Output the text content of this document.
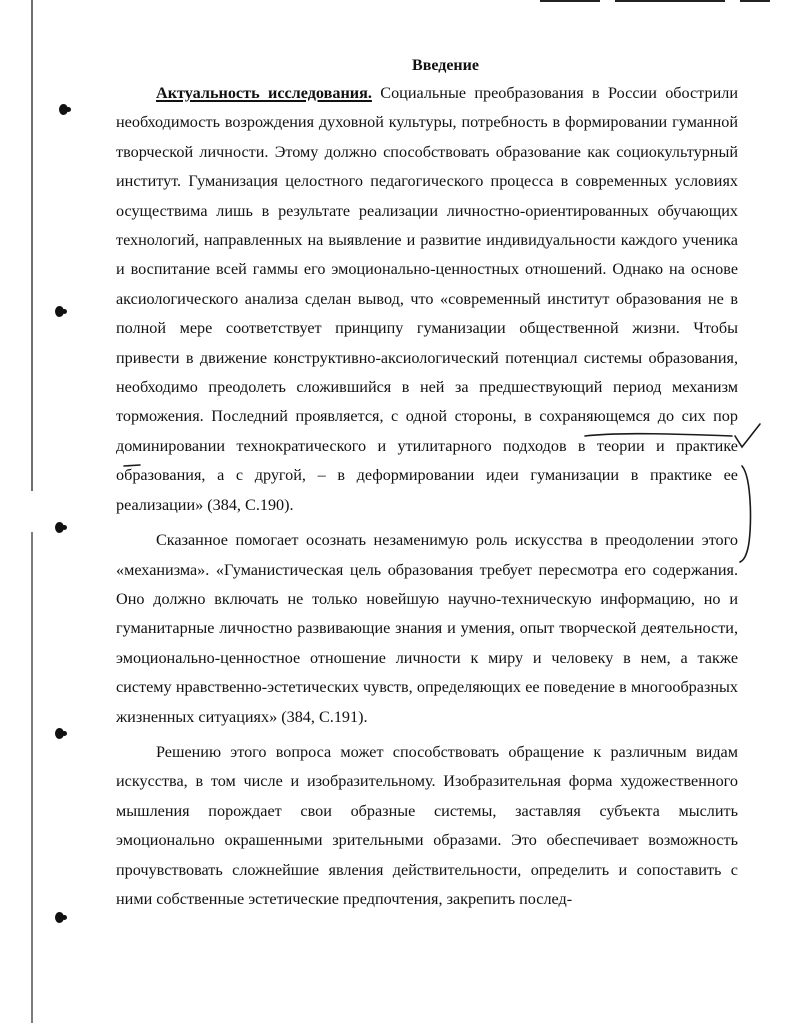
Введение

Актуальность исследования. Социальные преобразования в России обострили необходимость возрождения духовной культуры, потребность в формировании гуманной творческой личности. Этому должно способствовать образование как социокультурный институт. Гуманизация целостного педагогического процесса в современных условиях осуществима лишь в результате реализации личностно-ориентированных обучающих технологий, направленных на выявление и развитие индивидуальности каждого ученика и воспитание всей гаммы его эмоционально-ценностных отношений. Однако на основе аксиологического анализа сделан вывод, что «современный институт образования не в полной мере соответствует принципу гуманизации общественной жизни. Чтобы привести в движение конструктивно-аксиологический потенциал системы образования, необходимо преодолеть сложившийся в ней за предшествующий период механизм торможения. Последний проявляется, с одной стороны, в сохраняющемся до сих пор доминировании технократического и утилитарного подходов в теории и практике образования, а с другой, – в деформировании идеи гуманизации в практике ее реализации» (384, С.190).

Сказанное помогает осознать незаменимую роль искусства в преодолении этого «механизма». «Гуманистическая цель образования требует пересмотра его содержания. Оно должно включать не только новейшую научно-техническую информацию, но и гуманитарные личностно развивающие знания и умения, опыт творческой деятельности, эмоционально-ценностное отношение личности к миру и человеку в нем, а также систему нравственно-эстетических чувств, определяющих ее поведение в многообразных жизненных ситуациях» (384, С.191).

Решению этого вопроса может способствовать обращение к различным видам искусства, в том числе и изобразительному. Изобразительная форма художественного мышления порождает свои образные системы, заставляя субъекта мыслить эмоционально окрашенными зрительными образами. Это обеспечивает возможность прочувствовать сложнейшие явления действительности, определить и сопоставить с ними собственные эстетические предпочтения, закрепить послед-
